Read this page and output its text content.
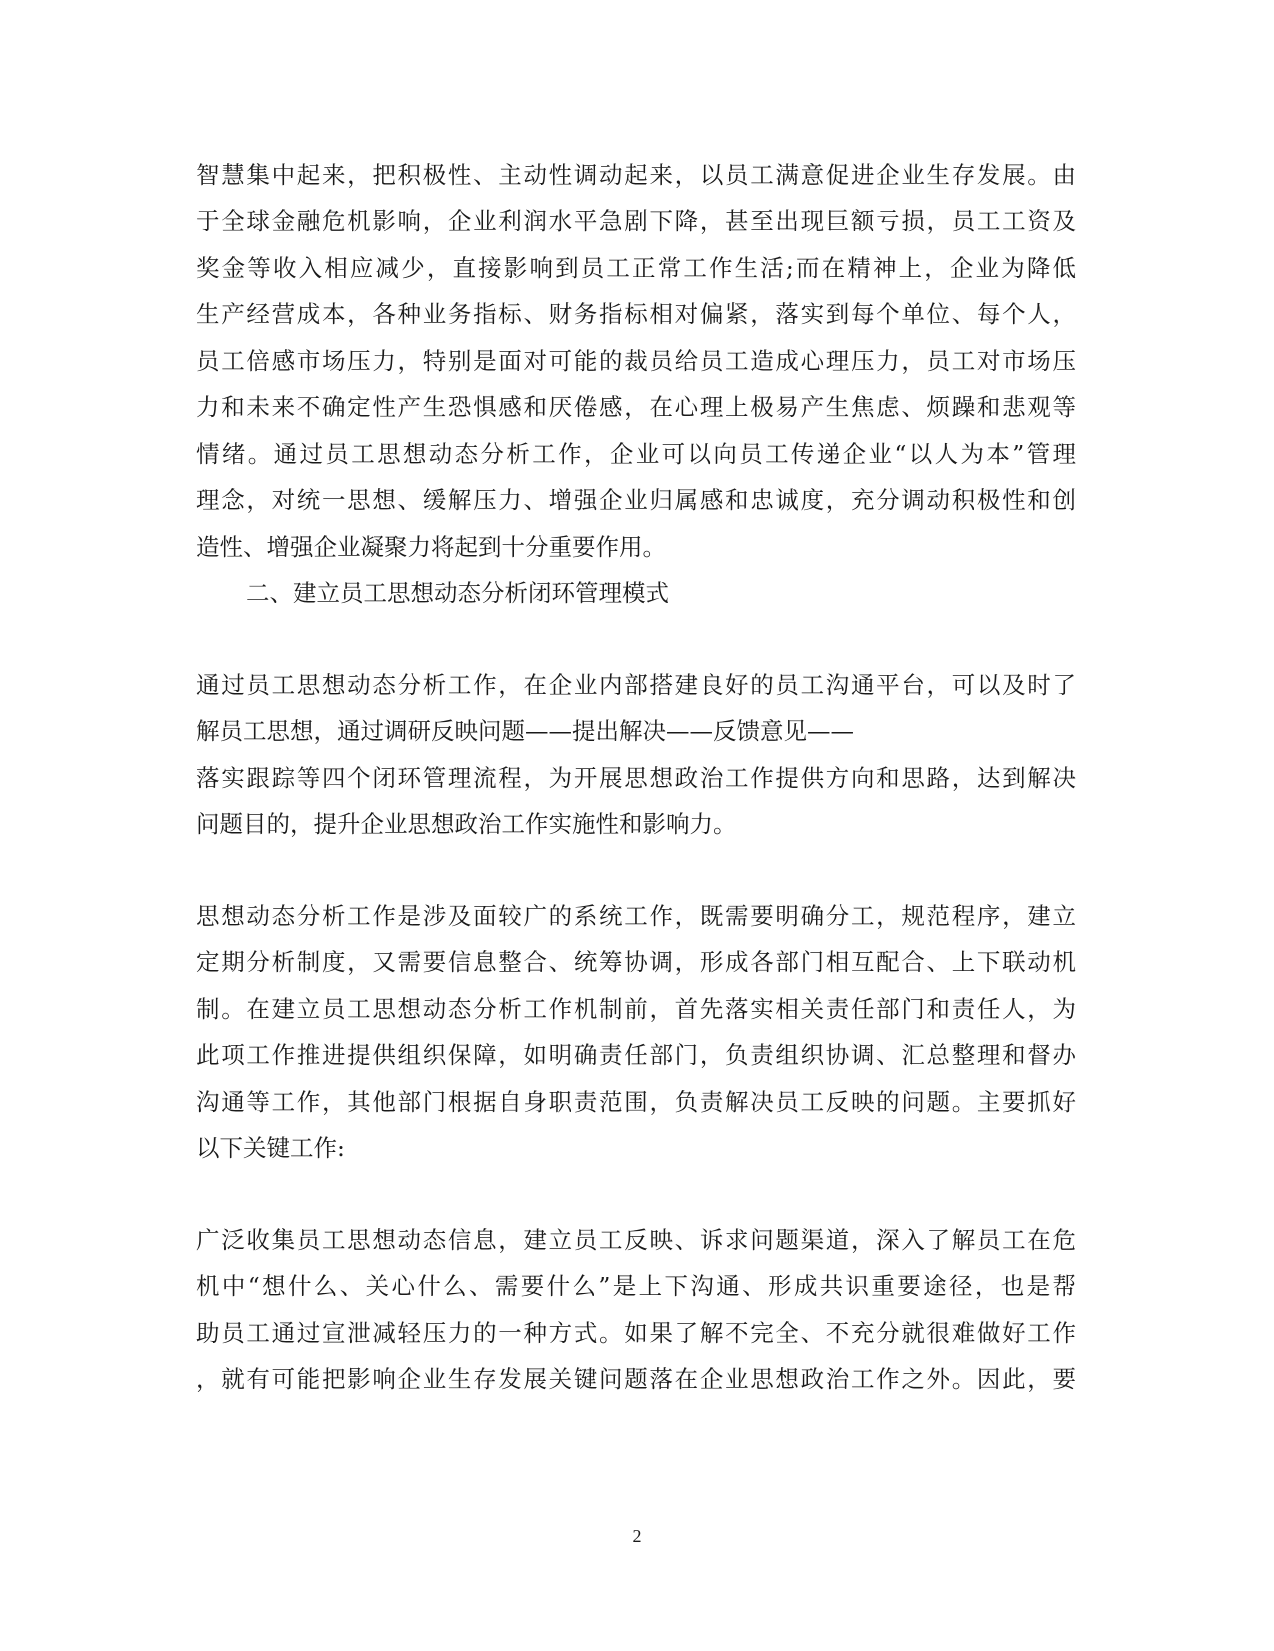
智慧集中起来，把积极性、主动性调动起来，以员工满意促进企业生存发展。由
于全球金融危机影响，企业利润水平急剧下降，甚至出现巨额亏损，员工工资及
奖金等收入相应减少，直接影响到员工正常工作生活;而在精神上，企业为降低
生产经营成本，各种业务指标、财务指标相对偏紧，落实到每个单位、每个人，
员工倍感市场压力，特别是面对可能的裁员给员工造成心理压力，员工对市场压
力和未来不确定性产生恐惧感和厌倦感，在心理上极易产生焦虑、烦躁和悲观等
情绪。通过员工思想动态分析工作，企业可以向员工传递企业“以人为本”管理
理念，对统一思想、缓解压力、增强企业归属感和忠诚度，充分调动积极性和创
造性、增强企业凝聚力将起到十分重要作用。
二、建立员工思想动态分析闭环管理模式
通过员工思想动态分析工作，在企业内部搭建良好的员工沟通平台，可以及时了
解员工思想，通过调研反映问题——提出解决——反馈意见——
落实跟踪等四个闭环管理流程，为开展思想政治工作提供方向和思路，达到解决
问题目的，提升企业思想政治工作实施性和影响力。
思想动态分析工作是涉及面较广的系统工作，既需要明确分工，规范程序，建立
定期分析制度，又需要信息整合、统筹协调，形成各部门相互配合、上下联动机
制。在建立员工思想动态分析工作机制前，首先落实相关责任部门和责任人，为
此项工作推进提供组织保障，如明确责任部门，负责组织协调、汇总整理和督办
沟通等工作，其他部门根据自身职责范围，负责解决员工反映的问题。主要抓好
以下关键工作:
广泛收集员工思想动态信息，建立员工反映、诉求问题渠道，深入了解员工在危
机中“想什么、关心什么、需要什么”是上下沟通、形成共识重要途径，也是帮
助员工通过宣泄减轻压力的一种方式。如果了解不完全、不充分就很难做好工作
，就有可能把影响企业生存发展关键问题落在企业思想政治工作之外。因此，要
2
